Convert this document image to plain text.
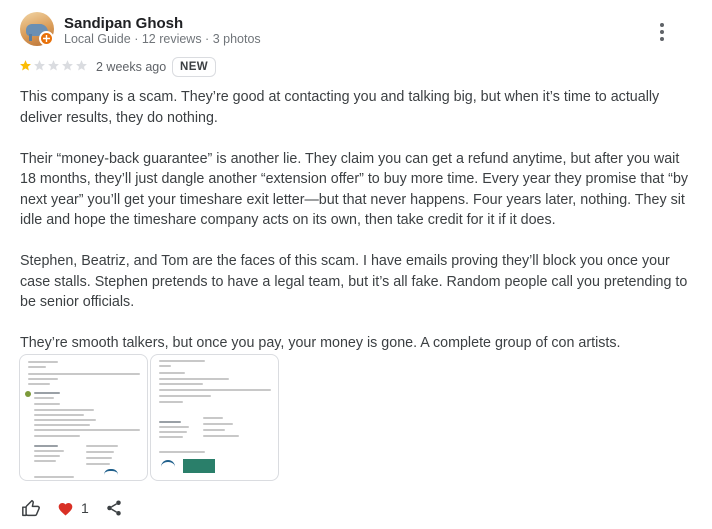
Sandipan Ghosh
Local Guide · 12 reviews · 3 photos
2 weeks ago	NEW

This company is a scam. They’re good at contacting you and talking big, but when it’s time to actually deliver results, they do nothing.

Their “money-back guarantee” is another lie. They claim you can get a refund anytime, but after you wait 18 months, they’ll just dangle another “extension offer” to buy more time. Every year they promise that “by next year” you’ll get your timeshare exit letter—but that never happens. Four years later, nothing. They sit idle and hope the timeshare company acts on its own, then take credit for it if it does.

Stephen, Beatriz, and Tom are the faces of this scam. I have emails proving they’ll block you once your case stalls. Stephen pretends to have a legal team, but it’s all fake. Random people call you pretending to be senior officials.

They’re smooth talkers, but once you pay, your money is gone. A complete group of con artists.

1
